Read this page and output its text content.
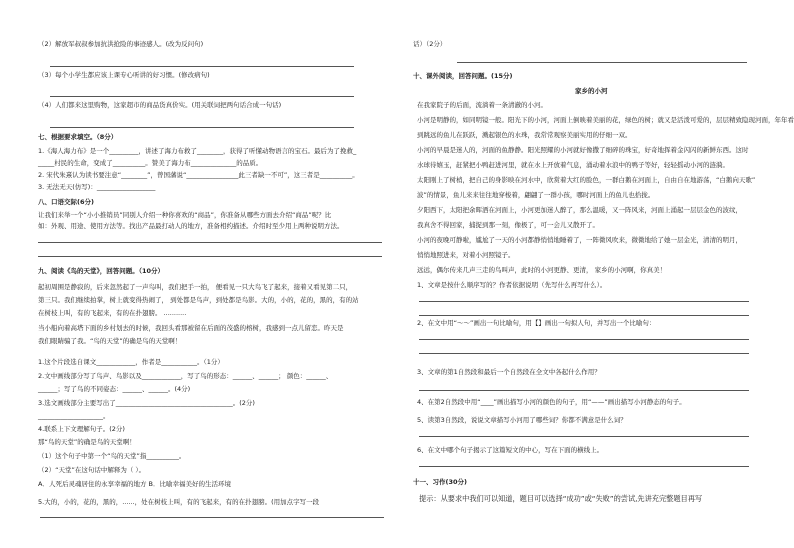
（2）解放军叔叔参加抗洪抢险的事迹感人。(改为反问句)
（3）每个小学生都应该上课专心听讲的好习惯。(修改病句)
（4）人们都来这里购物，这家超市的商品货真价实。(用关联词把两句话合成一句话)
七、根据要求填空。（8分）
1.《海人海力布》是一个_________，讲述了海力布救了________，获得了听懂动物语言的宝石。最后为了挽救_
_____村民的生命，变成了__________。赞美了海力布______________的品质。
2. 宋代朱熹认为读书要注意“________”，曾国藩说“________________此三者缺一不可”，这三者是__________。
3. 无法无天(仿写)：__________________
八、口语交际(6分)
让我们来举一个“小小推销员”同别人介绍一种你喜欢的“商品”，你准备从哪些方面去介绍“商品”呢？比
如：外观、用途、使用方法等。找出产品最打动人的地方，准备相约描述。介绍时至少用上两种说明方法。
九、阅读《鸟的天堂》，回答问题。（10分）
起初周围是静寂的，后来忽然起了一声鸟叫，我们把手一拍， 便看见一只大鸟飞了起来，接着又看见第二只，
第三只。我们继续拍掌，树上就变得热闹了， 到处都是鸟声，到处都是鸟影。大的，小的，花的，黑的，有的站
在树枝上叫，有的飞起来，有的在扑翅膀。 ...........
当小船向着高塔下面的乡村划去的时候，我回头看那被留在后面的茂盛的榕树，我感到一点儿留恋。昨天是
我们眼睛骗了我。“鸟的天堂”的确是鸟的天堂啊！
1.这个片段选自课文____________，作者是___________。（1分）
2.文中画线部分写了鸟声、鸟影以及____________，写了鸟的形态：______、______； 颜色：______、
______；写了鸟的不同姿态：______、______。(4分)
3.选文画线部分主要写出了____________________________________。(2分)
____________________。
4.联系上下文理解句子。(2分)
那“鸟的天堂”的确是鸟的天堂啊！
（1）这个句子中第一个“鸟的天堂”指__________。
（2）“天堂”在这句话中解释为（ ）。
A．人死后灵魂居住的永享幸福的地方 B．比喻幸福美好的生活环境
5.大的，小的，花的，黑的，......，处在树枝上叫，有的飞起来，有的在扑翅膀。(用加点字写一段
话）（2分）
十、课外阅读，回答问题。(15分)
家乡的小河
在我家院子的后面，流淌着一条清澈的小河。
小河是明静的，如同明镜一般。阳光下的小河，河面上倒映着美丽的花，绿色的树；就又是活泼可爱的，层层精致隐现河面，年年看
到跳远的鱼儿在跃跃，溅起银色的水珠，我常常观察美丽实用的仔细一双。
小河的早晨是迷人的，河面的鱼静静。阳光照耀的小河就好像撒了细碎的珠宝，好奇地挥着金闪闪的新鲜东西。这时
水球待嬉玉，赶紧把小鸭赶进河里，就在水上开放着气息，涌动着水浪中的鸭子等好，轻轻摇动小河的涟漪。
太阳刚上了树梢，把自己的身影映在河水中，欣赏着大红的脸色，一群白鹅在河面上，自由自在地游荡，“白鹅向天歌”
波”的情景，鱼儿来来往往地穿梭着，翩翩了一群小孩，哪时河面上的鱼儿也拾拢。
夕阳西下，太阳把余晖洒在河面上，小河更加迷人醉了，那么温暖，又一阵风来，河面上涌起一层层金色的波纹，
我真舍不得回家，捕捉到那一刻，像极了，可一会儿又散开了。
小河的夜晚可静啦，尴尬了一天的小河都静悄悄地睡着了，一阵微风吹来，微微地给了她一层金光，清清的明月，
悄悄地照进来，对着小河照镜子。
远远，偶尔传来几声三走的鸟叫声，此时的小河更静、更清， 家乡的小河啊，你真美！
1、文章是按什么顺序写的？作者依据说明（先写什么再写什么）。
2、在文中用“～～”画出一句比喻句，用【】画出一句拟人句，并写出一个比喻句：
3、文章的第1自然段和最后一个自然段在全文中各起什么作用？
4、在第2自然段中用“____”画出描写小河的颜色的句子，用“——”画出描写小河静态的句子。
5、读第3自然段，说说文章描写小河用了哪些词？你都不满意是什么词？
6、在文中哪个句子揭示了这篇短文的中心，写在下面的横线上。
十一、习作(30分)
提示：从要求中我们可以知道，题目可以选择“成功”或“失败”的尝试,先讲充完整题目再写
